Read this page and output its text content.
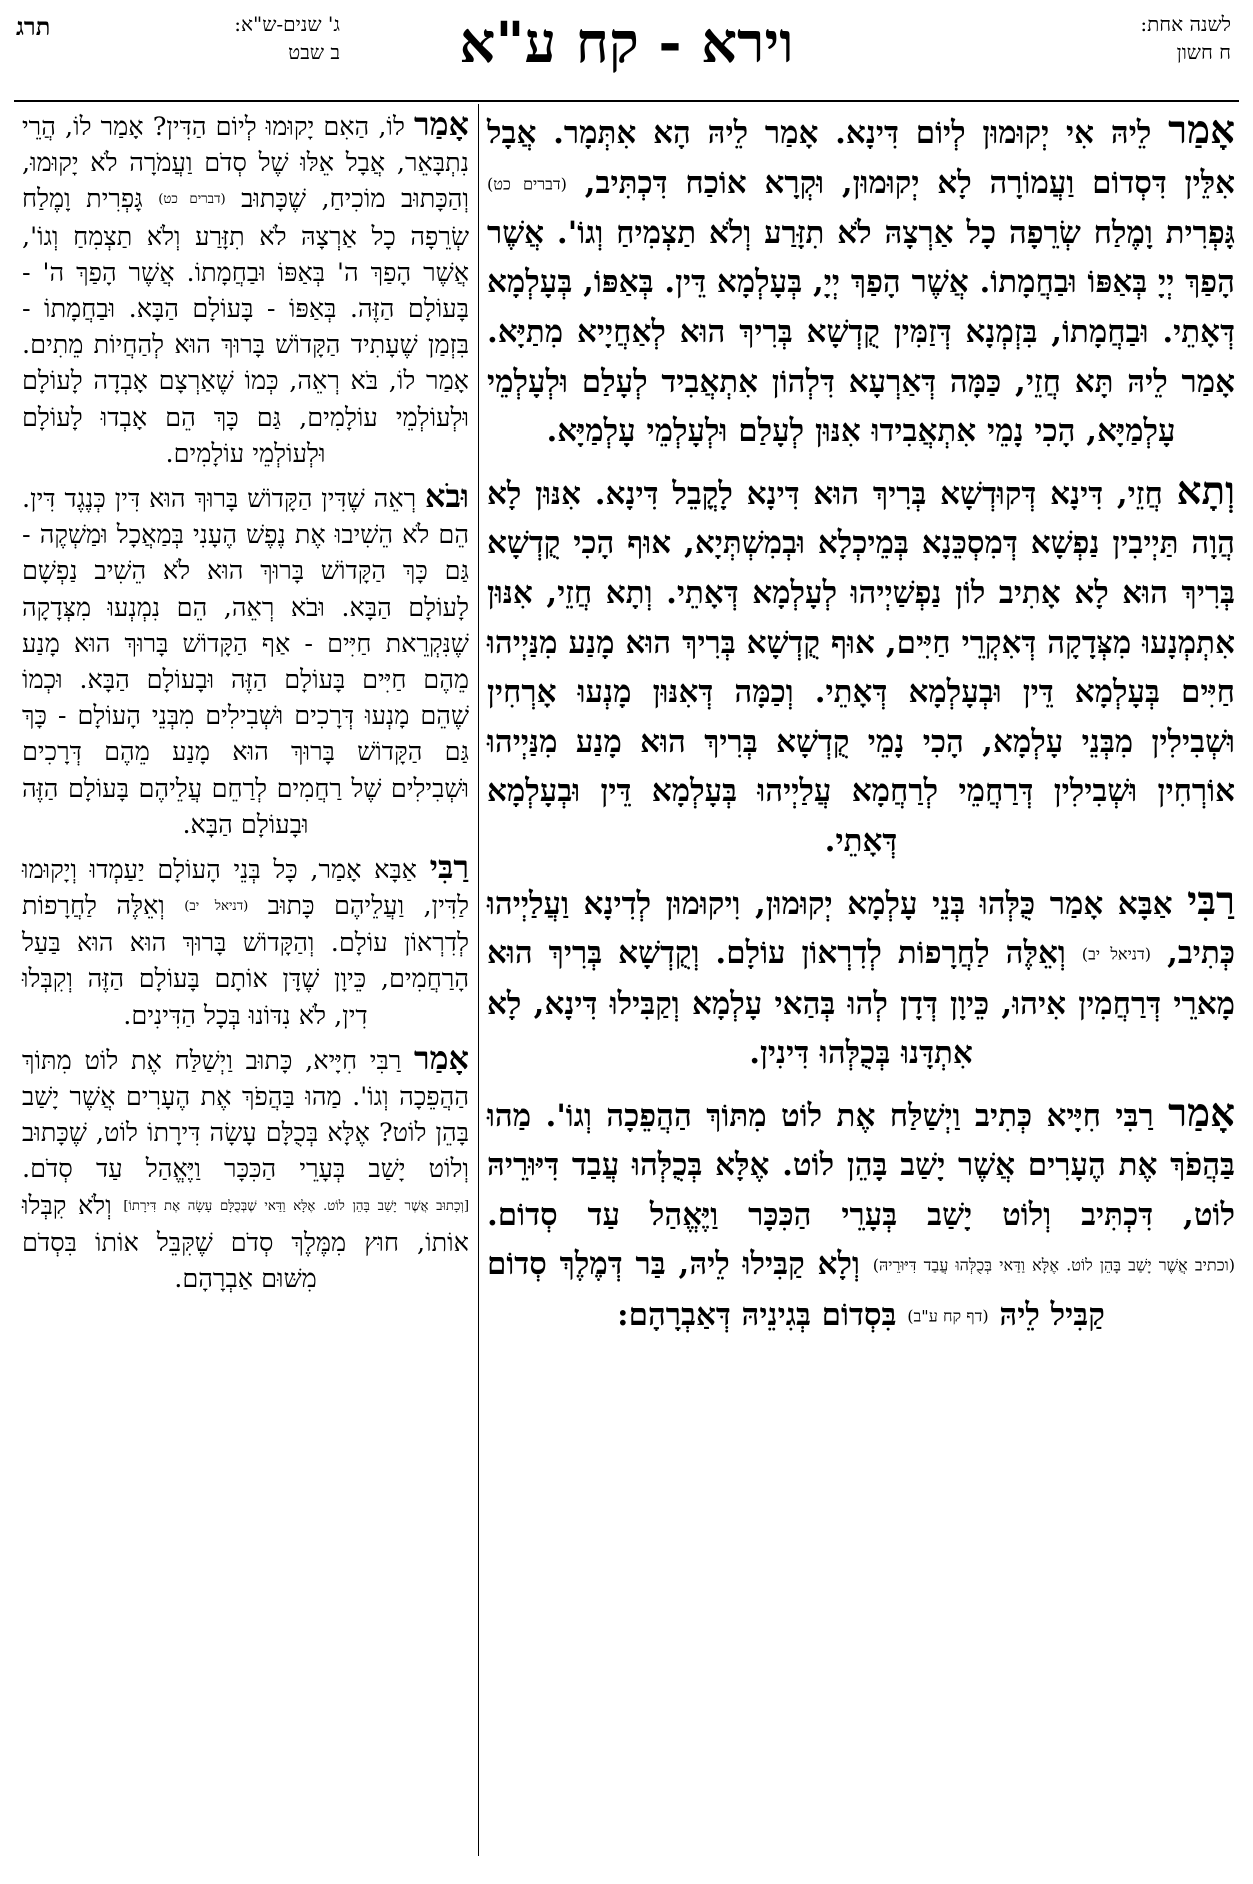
לשנה אחת:
ח חשון
וירא - קח ע"א
ג' שנים-ש"א:
ב שבט
תרג

אָמַר לֵיהּ אִי יְקוּמוּן לְיוֹם דִּינָא. אָמַר לֵיהּ הָא אִתְּמָר. אֲבָל אִלֵּין דִּסְדוֹם וַעֲמוֹרָה לָא יְקוּמוּן, וּקְרָא אוֹכַח דִּכְתִּיב, (דברים כט) גָּפְרִית וָמֶלַח שְׂרֵפָה כָל אַרְצָהּ לֹא תִזָּרַע וְלֹא תַצְמִיחַ וְגוֹ'. אֲשֶׁר הָפַךְ יְיָ בְּאַפּוֹ וּבַחֲמָתוֹ. אֲשֶׁר הָפַךְ יְיָ, בְּעָלְמָא דֵּין. בְּאַפּוֹ, בְּעָלְמָא דְּאָתֵי. וּבַחֲמָתוֹ, בִּזְמְנָא דְּזַמִּין קֻדְשָׁא בְּרִיךְ הוּא לְאַחֲיָיא מִתַיָּא. אָמַר לֵיהּ תָּא חֲזֵי, כַּמָּה דְּאַרְעָא דִּלְהוֹן אִתְאֲבִיד לְעָלַם וּלְעָלְמֵי עָלְמַיָּא, הָכִי נָמֵי אִתְאֲבִידוּ אִנּוּן לְעָלַם וּלְעָלְמֵי עָלְמַיָּא.

וְתָא חֲזֵי, דִּינָא דְּקוּדְשָׁא בְּרִיךְ הוּא דִּינָא לָקֳבֵל דִּינָא. אִנּוּן לָא הֲוָה תַּיְיבִין נַפְשָׁא דְּמִסְכֵּנָא בְּמֵיכְלָא וּבְמִשְׁתְּיָא, אוּף הָכִי קֻדְשָׁא בְּרִיךְ הוּא לָא אָתִיב לוֹן נַפְשַׁיְיהוּ לְעָלְמָא דְּאָתֵי. וְתָא חֲזֵי, אִנּוּן אִתְמְנָעוּ מִצְּדָקָה דְּאִקְרֵי חַיִּים, אוּף קֻדְשָׁא בְּרִיךְ הוּא מָנַע מִנַּיְיהוּ חַיִּים בְּעָלְמָא דֵּין וּבְעָלְמָא דְּאָתֵי. וְכַמָּה דְּאִנּוּן מָנְעוּ אָרְחִין וּשְׁבִילִין מִבְּנֵי עָלְמָא, הָכִי נָמֵי קֻדְשָׁא בְּרִיךְ הוּא מָנַע מִנַּיְיהוּ אוֹרְחִין וּשְׁבִילִין דְּרַחֲמֵי לְרַחֲמָא עֲלַיְיהוּ בְּעָלְמָא דֵּין וּבְעָלְמָא דְּאָתֵי.

רַבִּי אַבָּא אָמַר כֻּלְּהוּ בְּנֵי עָלְמָא יְקוּמוּן, וִיקוּמוּן לְדִינָא וַעֲלַיְיהוּ כְּתִיב, (דניאל יב) וְאֵלֶּה לַחֲרָפוֹת לְדִרְאוֹן עוֹלָם. וְקֻדְשָׁא בְּרִיךְ הוּא מָארֵי דְּרַחֲמִין אִיהוּ, כֵּיוָן דְּדָן לְהוּ בְּהַאי עָלְמָא וְקַבִּילוּ דִּינָא, לָא אִתְדָּנוּ בְּכֻלְּהוּ דִּינִין.

אָמַר רַבִּי חִיָּיא כְּתִיב וַיְשַׁלַּח אֶת לוֹט מִתּוֹךְ הַהֲפֵכָה וְגוֹ'. מַהוּ בַּהֲפֹךְ אֶת הֶעָרִים אֲשֶׁר יָשַׁב בָּהֵן לוֹט. אֶלָּא בְּכֻלְּהוּ עֲבַד דִּיּוּרֵיהּ לוֹט, דִּכְתִּיב וְלוֹט יָשַׁב בְּעָרֵי הַכִּכָּר וַיֶּאֱהַל עַד סְדוֹם. (וכתיב אֲשֶׁר יָשַׁב בָּהֵן לוֹט. אֶלָּא וַדַּאי בְּכֻלְּהוּ עֲבַד דִּיּוּרֵיהּ) וְלָא קַבִּילוּ לֵיהּ, בַּר דְּמֶלֶךְ סְדוֹם קַבִּיל לֵיהּ (דף קח ע"ב) בִּסְדוֹם בְּגִינֵיהּ דְּאַבְרָהָם:

אָמַר לוֹ, הַאִם יָקוּמוּ לְיוֹם הַדִּין? אָמַר לוֹ, הֲרֵי נִתְבָּאֵר, אֲבָל אֵלּוּ שֶׁל סְדֹם וַעֲמֹרָה לֹא יָקוּמוּ, וְהַכָּתוּב מוֹכִיחַ, שֶׁכָּתוּב (דברים כט) גָּפְרִית וָמֶלַח שְׂרֵפָה כָל אַרְצָהּ לֹא תִזָּרַע וְלֹא תַצְמִחַ וְגוֹ', אֲשֶׁר הָפַךְ ה' בְּאַפּוֹ וּבַחֲמָתוֹ. אֲשֶׁר הָפַךְ ה' - בָּעוֹלָם הַזֶּה. בְּאַפּוֹ - בָּעוֹלָם הַבָּא. וּבַחֲמָתוֹ - בִּזְמַן שֶׁעָתִיד הַקָּדוֹשׁ בָּרוּךְ הוּא לְהַחֲיוֹת מֵתִים. אָמַר לוֹ, בֹּא רְאֵה, כְּמוֹ שֶׁאַרְצָם אָבְדָה לָעוֹלָם וּלְעוֹלְמֵי עוֹלָמִים, גַּם כָּךְ הֵם אָבְדוּ לָעוֹלָם וּלְעוֹלְמֵי עוֹלָמִים.

וּבֹא רְאֵה שֶׁדִּין הַקָּדוֹשׁ בָּרוּךְ הוּא דִּין כְּנֶגֶד דִּין. הֵם לֹא הֵשִׁיבוּ אֶת נֶפֶשׁ הֶעָנִי בְּמַאֲכָל וּמַשְׁקֶה - גַּם כָּךְ הַקָּדוֹשׁ בָּרוּךְ הוּא לֹא הֵשִׁיב נַפְשָׁם לָעוֹלָם הַבָּא. וּבֹא רְאֵה, הֵם נִמְנְעוּ מִצְּדָקָה שֶׁנִּקְרֵאת חַיִּים - אַף הַקָּדוֹשׁ בָּרוּךְ הוּא מָנַע מֵהֶם חַיִּים בָּעוֹלָם הַזֶּה וּבָעוֹלָם הַבָּא. וּכְמוֹ שֶׁהֵם מָנְעוּ דְּרָכִים וּשְׁבִילִים מִבְּנֵי הָעוֹלָם - כָּךְ גַּם הַקָּדוֹשׁ בָּרוּךְ הוּא מָנַע מֵהֶם דְּרָכִים וּשְׁבִילִים שֶׁל רַחֲמִים לְרַחֵם עֲלֵיהֶם בָּעוֹלָם הַזֶּה וּבָעוֹלָם הַבָּא.

רַבִּי אַבָּא אָמַר, כָּל בְּנֵי הָעוֹלָם יַעַמְדוּ וְיָקוּמוּ לַדִּין, וַעֲלֵיהֶם כָּתוּב (דניאל יב) וְאֵלֶּה לַחֲרָפוֹת לְדִרְאוֹן עוֹלָם. וְהַקָּדוֹשׁ בָּרוּךְ הוּא הוּא בַּעַל הָרַחֲמִים, כֵּיוָן שֶׁדָּן אוֹתָם בָּעוֹלָם הַזֶּה וְקִבְּלוּ דִין, לֹא נִדּוֹנוּ בְּכָל הַדִּינִים.

אָמַר רַבִּי חִיָּיא, כָּתוּב וַיְשַׁלַּח אֶת לוֹט מִתּוֹךְ הַהֲפֵכָה וְגוֹ'. מַהוּ בַּהֲפֹךְ אֶת הֶעָרִים אֲשֶׁר יָשַׁב בָּהֵן לוֹט? אֶלָּא בְּכֻלָּם עָשָׂה דִּירָתוֹ לוֹט, שֶׁכָּתוּב וְלוֹט יָשַׁב בְּעָרֵי הַכִּכָּר וַיֶּאֱהַל עַד סְדֹם. [וְכָתוּב אֲשֶׁר יָשַׁב בָּהֵן לוֹט. אֶלָּא וַדַּאי שֶׁבְּכֻלָּם עָשָׂה אֶת דִּירָתוֹ] וְלֹא קִבְּלוּ אוֹתוֹ, חוּץ מִמֶּלֶךְ סְדֹם שֶׁקִּבֵּל אוֹתוֹ בִּסְדֹם מִשּׁוּם אַבְרָהָם.
